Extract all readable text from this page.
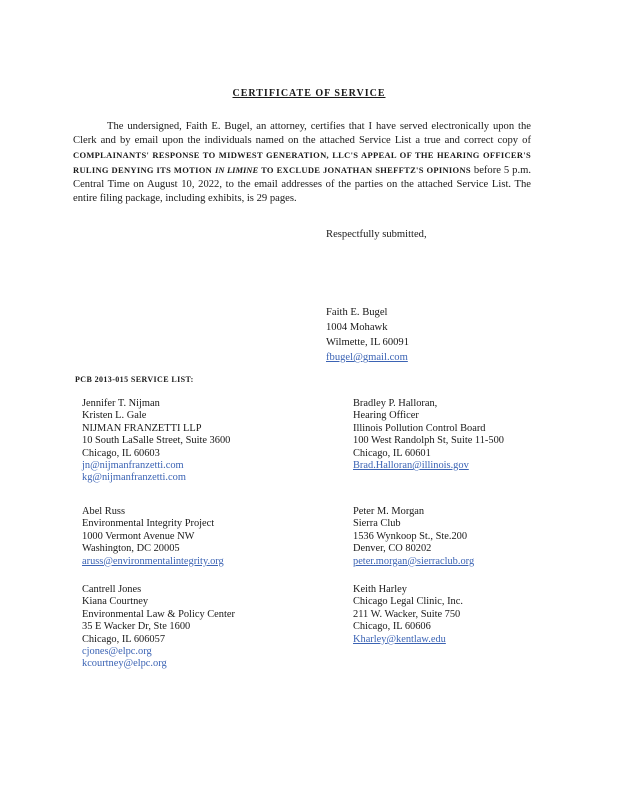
CERTIFICATE OF SERVICE
The undersigned, Faith E. Bugel, an attorney, certifies that I have served electronically upon the Clerk and by email upon the individuals named on the attached Service List a true and correct copy of COMPLAINANTS' RESPONSE TO MIDWEST GENERATION, LLC'S APPEAL OF THE HEARING OFFICER'S RULING DENYING ITS MOTION IN LIMINE TO EXCLUDE JONATHAN SHEFFTZ'S OPINIONS before 5 p.m. Central Time on August 10, 2022, to the email addresses of the parties on the attached Service List. The entire filing package, including exhibits, is 29 pages.
Respectfully submitted,
Faith E. Bugel
1004 Mohawk
Wilmette, IL 60091
fbugel@gmail.com
PCB 2013-015 SERVICE LIST:
Jennifer T. Nijman
Kristen L. Gale
NIJMAN FRANZETTI LLP
10 South LaSalle Street, Suite 3600
Chicago, IL 60603
jn@nijmanfranzetti.com
kg@nijmanfranzetti.com
Bradley P. Halloran,
Hearing Officer
Illinois Pollution Control Board
100 West Randolph St, Suite 11-500
Chicago, IL 60601
Brad.Halloran@illinois.gov
Abel Russ
Environmental Integrity Project
1000 Vermont Avenue NW
Washington, DC 20005
aruss@environmentalintegrity.org
Peter M. Morgan
Sierra Club
1536 Wynkoop St., Ste.200
Denver, CO 80202
peter.morgan@sierraclub.org
Cantrell Jones
Kiana Courtney
Environmental Law & Policy Center
35 E Wacker Dr, Ste 1600
Chicago, IL 606057
cjones@elpc.org
kcourtney@elpc.org
Keith Harley
Chicago Legal Clinic, Inc.
211 W. Wacker, Suite 750
Chicago, IL 60606
Kharley@kentlaw.edu
